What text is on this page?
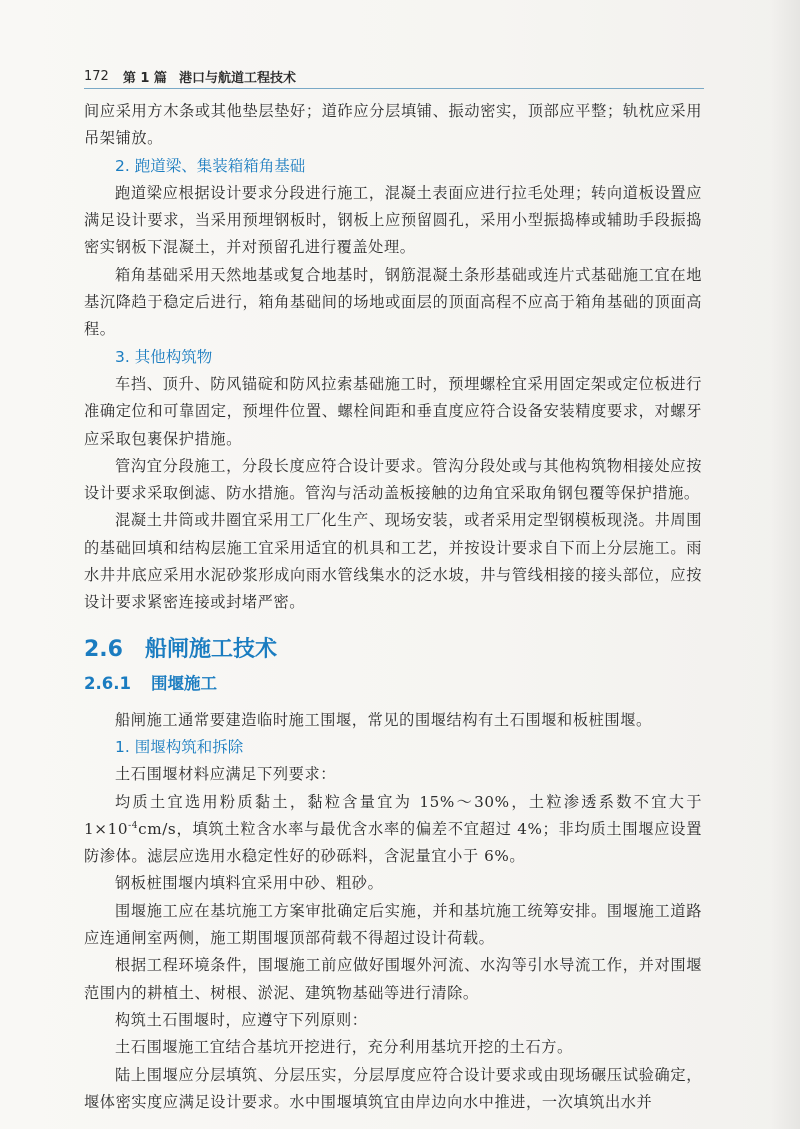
172 第 1 篇 港口与航道工程技术

间应采用方木条或其他垫层垫好；道砟应分层填铺、振动密实，顶部应平整；轨枕应采用吊架铺放。

2. 跑道梁、集装箱箱角基础

跑道梁应根据设计要求分段进行施工，混凝土表面应进行拉毛处理；转向道板设置应满足设计要求，当采用预埋钢板时，钢板上应预留圆孔，采用小型振捣棒或辅助手段振捣密实钢板下混凝土，并对预留孔进行覆盖处理。

箱角基础采用天然地基或复合地基时，钢筋混凝土条形基础或连片式基础施工宜在地基沉降趋于稳定后进行，箱角基础间的场地或面层的顶面高程不应高于箱角基础的顶面高程。

3. 其他构筑物

车挡、顶升、防风锚碇和防风拉索基础施工时，预埋螺栓宜采用固定架或定位板进行准确定位和可靠固定，预埋件位置、螺栓间距和垂直度应符合设备安装精度要求，对螺牙应采取包裹保护措施。

管沟宜分段施工，分段长度应符合设计要求。管沟分段处或与其他构筑物相接处应按设计要求采取倒滤、防水措施。管沟与活动盖板接触的边角宜采取角钢包覆等保护措施。

混凝土井筒或井圈宜采用工厂化生产、现场安装，或者采用定型钢模板现浇。井周围的基础回填和结构层施工宜采用适宜的机具和工艺，并按设计要求自下而上分层施工。雨水井井底应采用水泥砂浆形成向雨水管线集水的泛水坡，井与管线相接的接头部位，应按设计要求紧密连接或封堵严密。

2.6 船闸施工技术
2.6.1 围堰施工

船闸施工通常要建造临时施工围堰，常见的围堰结构有土石围堰和板桩围堰。

1. 围堰构筑和拆除

土石围堰材料应满足下列要求：

均质土宜选用粉质黏土，黏粒含量宜为 15%～30%，土粒渗透系数不宜大于 $1\times 10^{-4}cm/s$，填筑土粒含水率与最优含水率的偏差不宜超过 4%；非均质土围堰应设置防渗体。滤层应选用水稳定性好的砂砾料，含泥量宜小于 6%。

钢板桩围堰内填料宜采用中砂、粗砂。

围堰施工应在基坑施工方案审批确定后实施，并和基坑施工统筹安排。围堰施工道路应连通闸室两侧，施工期围堰顶部荷载不得超过设计荷载。

根据工程环境条件，围堰施工前应做好围堰外河流、水沟等引水导流工作，并对围堰范围内的耕植土、树根、淤泥、建筑物基础等进行清除。

构筑土石围堰时，应遵守下列原则：

土石围堰施工宜结合基坑开挖进行，充分利用基坑开挖的土石方。

陆上围堰应分层填筑、分层压实，分层厚度应符合设计要求或由现场碾压试验确定，堰体密实度应满足设计要求。水中围堰填筑宜由岸边向水中推进，一次填筑出水并
